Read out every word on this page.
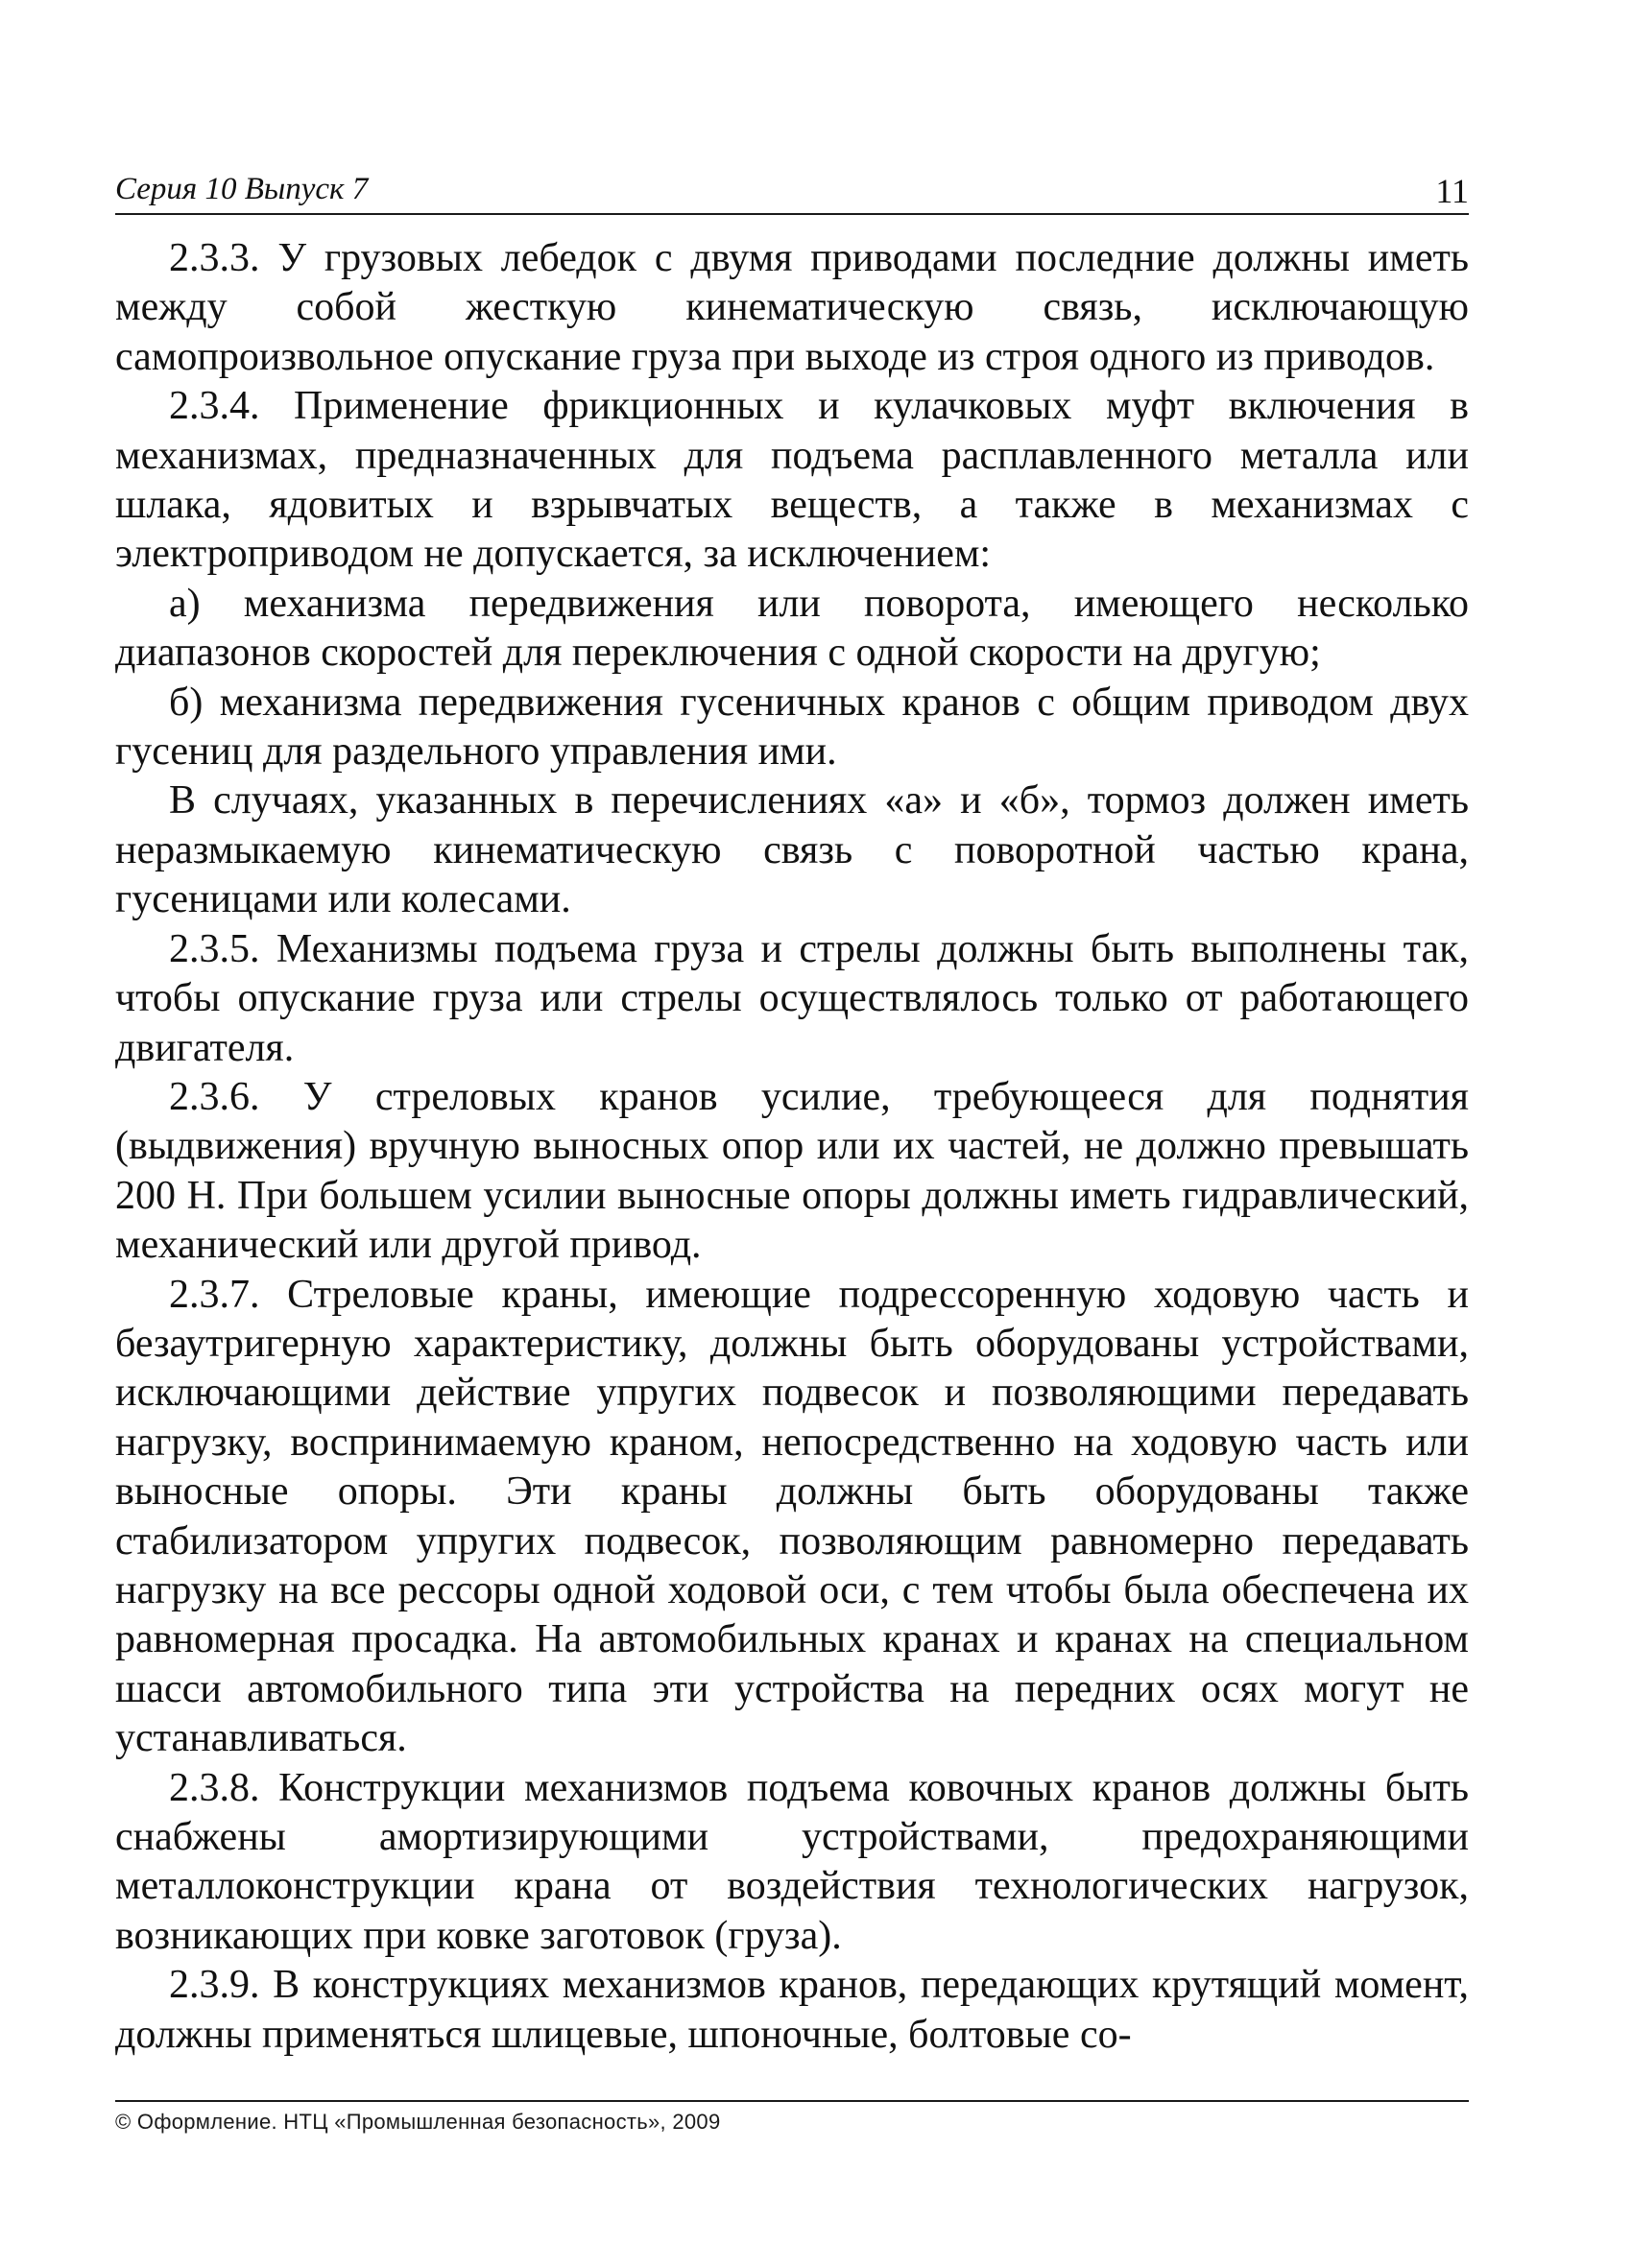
Серия 10 Выпуск 7	11

2.3.3. У грузовых лебедок с двумя приводами последние должны иметь между собой жесткую кинематическую связь, исключающую самопроизвольное опускание груза при выходе из строя одного из приводов.

2.3.4. Применение фрикционных и кулачковых муфт включения в механизмах, предназначенных для подъема расплавленного металла или шлака, ядовитых и взрывчатых веществ, а также в механизмах с электроприводом не допускается, за исключением:

а) механизма передвижения или поворота, имеющего несколько диапазонов скоростей для переключения с одной скорости на другую;

б) механизма передвижения гусеничных кранов с общим приводом двух гусениц для раздельного управления ими.

В случаях, указанных в перечислениях «а» и «б», тормоз должен иметь неразмыкаемую кинематическую связь с поворотной частью крана, гусеницами или колесами.

2.3.5. Механизмы подъема груза и стрелы должны быть выполнены так, чтобы опускание груза или стрелы осуществлялось только от работающего двигателя.

2.3.6. У стреловых кранов усилие, требующееся для поднятия (выдвижения) вручную выносных опор или их частей, не должно превышать 200 Н. При большем усилии выносные опоры должны иметь гидравлический, механический или другой привод.

2.3.7. Стреловые краны, имеющие подрессоренную ходовую часть и безаутригерную характеристику, должны быть оборудованы устройствами, исключающими действие упругих подвесок и позволяющими передавать нагрузку, воспринимаемую краном, непосредственно на ходовую часть или выносные опоры. Эти краны должны быть оборудованы также стабилизатором упругих подвесок, позволяющим равномерно передавать нагрузку на все рессоры одной ходовой оси, с тем чтобы была обеспечена их равномерная просадка. На автомобильных кранах и кранах на специальном шасси автомобильного типа эти устройства на передних осях могут не устанавливаться.

2.3.8. Конструкции механизмов подъема ковочных кранов должны быть снабжены амортизирующими устройствами, предохраняющими металлоконструкции крана от воздействия технологических нагрузок, возникающих при ковке заготовок (груза).

2.3.9. В конструкциях механизмов кранов, передающих крутящий момент, должны применяться шлицевые, шпоночные, болтовые со-

© Оформление. НТЦ «Промышленная безопасность», 2009
